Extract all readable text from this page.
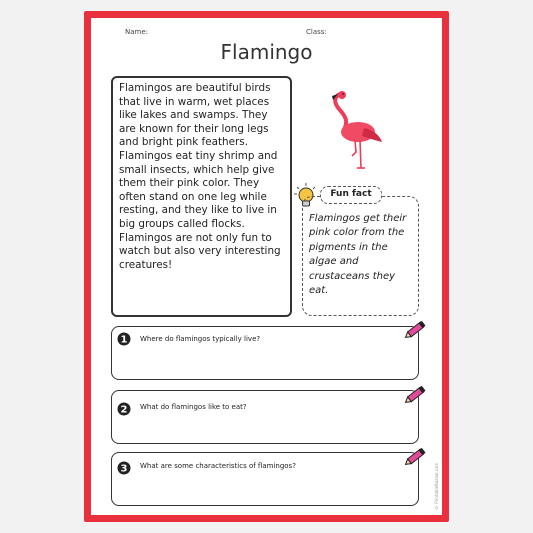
Name:	Class:
Flamingo
Flamingos are beautiful birds that live in warm, wet places like lakes and swamps. They are known for their long legs and bright pink feathers. Flamingos eat tiny shrimp and small insects, which help give them their pink color. They often stand on one leg while resting, and they like to live in big groups called flocks. Flamingos are not only fun to watch but also very interesting creatures!
Fun fact
Flamingos get their pink color from the pigments in the algae and crustaceans they eat.
1 Where do flamingos typically live?
2 What do flamingos like to eat?
3 What are some characteristics of flamingos?	© PrintableBazaar.com
